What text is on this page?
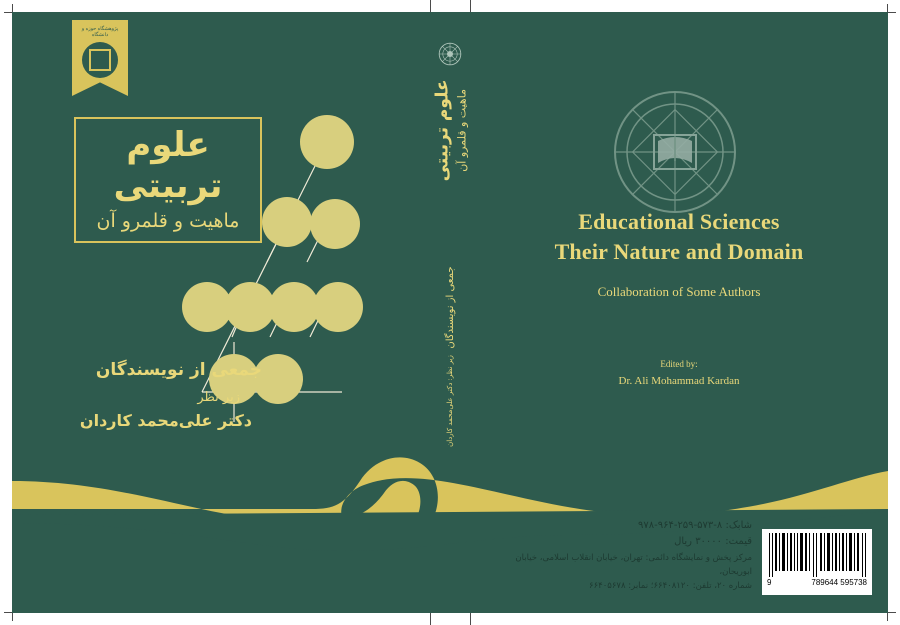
پژوهشگاه حوزه و دانشگاه
علوم تربیتی
ماهیت و قلمرو آن
جمعی از نویسندگان
زیر نظر
دکتر علی‌محمد کاردان
علوم تربیتی ماهیت و قلمرو آن
جمعی از نویسندگان
زیر نظر: دکتر علی‌محمد کاردان
Educational Sciences
Their Nature and Domain
Collaboration of Some Authors
Edited by:
Dr. Ali Mohammad Kardan
شابک: ۸-۵۷۳-۲۵۹-۹۶۴-۹۷۸
قیمت: ۳۰۰۰۰ ریال
مرکز پخش و نمایشگاه دائمی: تهران، خیابان انقلاب اسلامی، خیابان ابوریحان،
شماره ۲۰، تلفن: ۶۶۴۰۸۱۲۰؛ نمابر: ۶۶۴۰۵۶۷۸ 9	789644 595738
